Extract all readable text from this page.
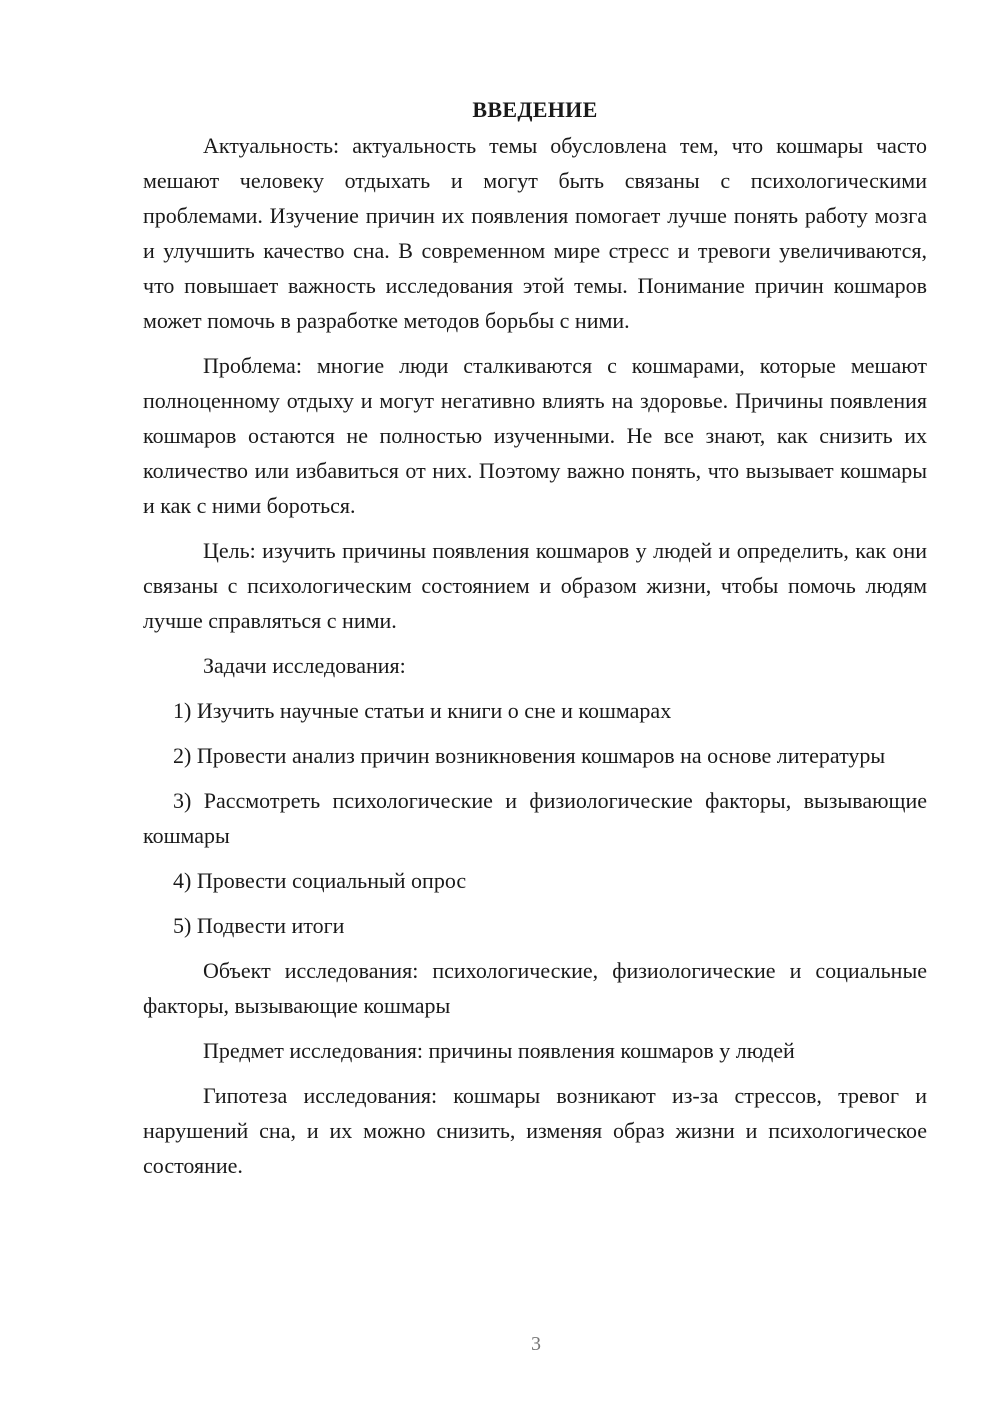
ВВЕДЕНИЕ

Актуальность: актуальность темы обусловлена тем, что кошмары часто мешают человеку отдыхать и могут быть связаны с психологическими проблемами. Изучение причин их появления помогает лучше понять работу мозга и улучшить качество сна. В современном мире стресс и тревоги увеличиваются, что повышает важность исследования этой темы. Понимание причин кошмаров может помочь в разработке методов борьбы с ними.

Проблема: многие люди сталкиваются с кошмарами, которые мешают полноценному отдыху и могут негативно влиять на здоровье. Причины появления кошмаров остаются не полностью изученными. Не все знают, как снизить их количество или избавиться от них. Поэтому важно понять, что вызывает кошмары и как с ними бороться.

Цель: изучить причины появления кошмаров у людей и определить, как они связаны с психологическим состоянием и образом жизни, чтобы помочь людям лучше справляться с ними.

Задачи исследования:

1) Изучить научные статьи и книги о сне и кошмарах

2) Провести анализ причин возникновения кошмаров на основе литературы

3) Рассмотреть психологические и физиологические факторы, вызывающие кошмары

4) Провести социальный опрос

5) Подвести итоги

Объект исследования: психологические, физиологические и социальные факторы, вызывающие кошмары

Предмет исследования: причины появления кошмаров у людей

Гипотеза исследования: кошмары возникают из-за стрессов, тревог и нарушений сна, и их можно снизить, изменяя образ жизни и психологическое состояние.

3
